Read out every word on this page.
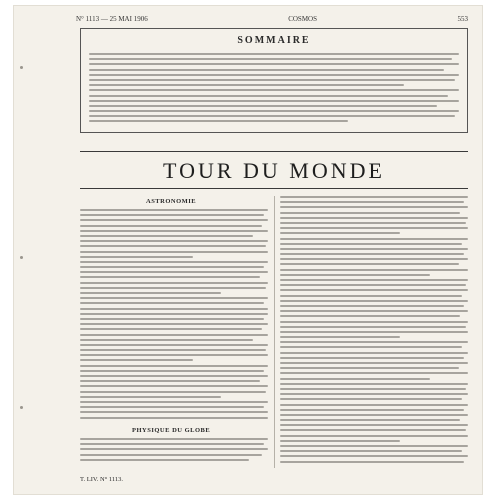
N° 1113 — 25 MAI 1906	COSMOS	553
SOMMAIRE
TOUR DU MONDE
ASTRONOMIE
PHYSIQUE DU GLOBE
T. LIV. N° 1113.
